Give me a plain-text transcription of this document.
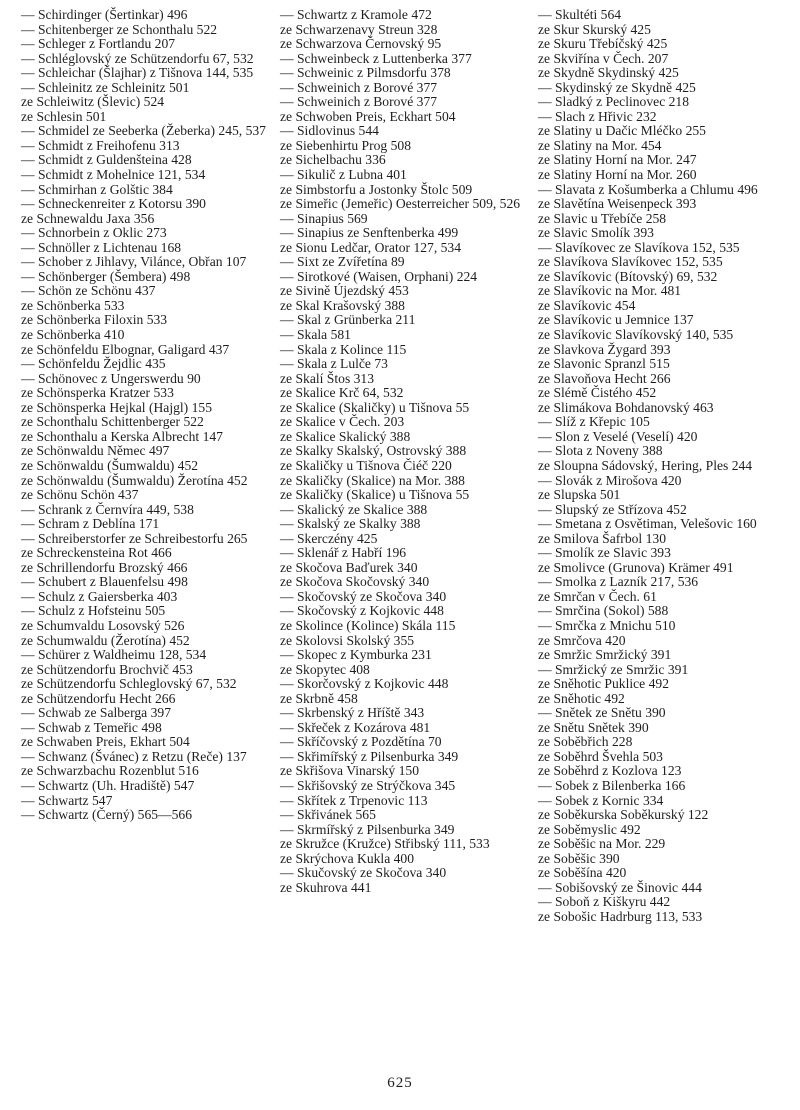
— Schirdinger (Šertinkar) 496
— Schitenberger ze Schonthalu 522
— Schleger z Fortlandu 207
— Schléglovský ze Schützendorfu 67, 532
— Schleichar (Šlajhar) z Tišnova 144, 535
— Schleinitz ze Schleinitz 501
ze Schleiwitz (Šlevic) 524
ze Schlesin 501
— Schmidel ze Seeberka (Žeberka) 245, 537
— Schmidt z Freihofenu 313
— Schmidt z Guldenšteina 428
— Schmidt z Mohelnice 121, 534
— Schmirhan z Golštic 384
— Schneckenreiter z Kotorsu 390
ze Schnewaldu Jaxa 356
— Schnorbein z Oklic 273
— Schnöller z Lichtenau 168
— Schober z Jihlavy, Vilánce, Obřan 107
— Schönberger (Šembera) 498
— Schön ze Schönu 437
ze Schönberka 533
ze Schönberka Filoxin 533
ze Schönberka 410
ze Schönfeldu Elbognar, Galigard 437
— Schönfeldu Žejdlic 435
— Schönovec z Ungerswerdu 90
ze Schönsperka Kratzer 533
ze Schönsperka Hejkal (Hajgl) 155
ze Schonthalu Schittenberger 522
ze Schonthalu a Kerska Albrecht 147
ze Schönwaldu Němec 497
ze Schönwaldu (Šumwaldu) 452
ze Schönwaldu (Šumwaldu) Žerotína 452
ze Schönu Schön 437
— Schrank z Černvíra 449, 538
— Schram z Deblína 171
— Schreiberstorfer ze Schreibestorfu 265
ze Schreckensteina Rot 466
ze Schrillendorfu Brozský 466
— Schubert z Blauenfelsu 498
— Schulz z Gaiersberka 403
— Schulz z Hofsteinu 505
ze Schumvaldu Losovský 526
ze Schumwaldu (Žerotína) 452
— Schürer z Waldheimu 128, 534
ze Schützendorfu Brochvič 453
ze Schützendorfu Schleglovský 67, 532
ze Schützendorfu Hecht 266
— Schwab ze Salberga 397
— Schwab z Temeřic 498
ze Schwaben Preis, Ekhart 504
— Schwanz (Švánec) z Retzu (Reče) 137
ze Schwarzbachu Rozenblut 516
— Schwartz (Uh. Hradiště) 547
— Schwartz 547
— Schwartz (Černý) 565—566
— Schwartz z Kramole 472
ze Schwarzenavy Streun 328
ze Schwarzova Černovský 95
— Schweinbeck z Luttenberka 377
— Schweinic z Pilmsdorfu 378
— Schweinich z Borové 377
— Schweinich z Borové 377
ze Schwoben Preis, Eckhart 504
— Sidlovinus 544
ze Siebenhirtu Prog 508
ze Sichelbachu 336
— Sikulič z Lubna 401
ze Simbstorfu a Jostonky Štolc 509
ze Simeřic (Jemeřic) Oesterreicher 509, 526
— Sinapius 569
— Sinapius ze Senftenberka 499
ze Sionu Ledčar, Orator 127, 534
— Sixt ze Zvířetína 89
— Sirotkové (Waisen, Orphani) 224
ze Sivině Újezdský 453
ze Skal Krašovský 388
— Skal z Grünberka 211
— Skala 581
— Skala z Kolince 115
— Skala z Lulče 73
ze Skalí Štos 313
ze Skalice Krč 64, 532
ze Skalice (Skaličky) u Tišnova 55
ze Skalice v Čech. 203
ze Skalice Skalický 388
ze Skalky Skalský, Ostrovský 388
ze Skaličky u Tišnova Čiéč 220
ze Skaličky (Skalice) na Mor. 388
ze Skaličky (Skalice) u Tišnova 55
— Skalický ze Skalice 388
— Skalský ze Skalky 388
— Skerczény 425
— Sklenář z Habří 196
ze Skočova Baďurek 340
ze Skočova Skočovský 340
— Skočovský ze Skočova 340
— Skočovský z Kojkovic 448
ze Skolince (Kolince) Skála 115
ze Skolovsi Skolský 355
— Skopec z Kymburka 231
ze Skopytec 408
— Skorčovský z Kojkovic 448
ze Skrbně 458
— Skrbenský z Hříště 343
— Skřeček z Kozárova 481
— Skříčovský z Pozdětína 70
— Skřimířský z Pilsenburka 349
ze Skřišova Vinarský 150
— Skřišovský ze Strýčkova 345
— Skřítek z Trpenovic 113
— Skřivánek 565
— Skrmířský z Pilsenburka 349
ze Skružce (Kružce) Střibský 111, 533
ze Skrýchova Kukla 400
— Skučovský ze Skočova 340
ze Skuhrova 441
— Skultéti 564
ze Skur Skurský 425
ze Skuru Třebíčský 425
ze Skviřína v Čech. 207
ze Skydně Skydinský 425
— Skydinský ze Skydně 425
— Sladký z Peclinovec 218
— Slach z Hřivic 232
ze Slatiny u Dačic Mléčko 255
ze Slatiny na Mor. 454
ze Slatiny Horní na Mor. 247
ze Slatiny Horní na Mor. 260
— Slavata z Košumberka a Chlumu 496
ze Slavětína Weisenpeck 393
ze Slavic u Třebíče 258
ze Slavic Smolík 393
— Slavíkovec ze Slavíkova 152, 535
ze Slavíkova Slavíkovec 152, 535
ze Slavíkovic (Bítovský) 69, 532
ze Slavíkovic na Mor. 481
ze Slavíkovic 454
ze Slavíkovic u Jemnice 137
ze Slavíkovic Slavíkovský 140, 535
ze Slavkova Žygard 393
ze Slavonic Spranzl 515
ze Slavoňova Hecht 266
ze Slémě Čistého 452
ze Slimákova Bohdanovský 463
— Slíž z Křepic 105
— Slon z Veselé (Veselí) 420
— Slota z Noveny 388
ze Sloupna Sádovský, Hering, Ples 244
— Slovák z Mirošova 420
ze Slupska 501
— Slupský ze Střízova 452
— Smetana z Osvětiman, Velešovic 160
ze Smilova Šafrbol 130
— Smolík ze Slavic 393
ze Smolivce (Grunova) Krämer 491
— Smolka z Lazník 217, 536
ze Smrčan v Čech. 61
— Smrčina (Sokol) 588
— Smrčka z Mnichu 510
ze Smrčova 420
ze Smržic Smržický 391
— Smržický ze Smržic 391
ze Sněhotic Puklice 492
ze Sněhotic 492
— Snětek ze Snětu 390
ze Snětu Snětek 390
ze Soběbřich 228
ze Soběhrd Švehla 503
ze Soběhrd z Kozlova 123
— Sobek z Bilenberka 166
— Sobek z Kornic 334
ze Soběkurska Soběkurský 122
ze Soběmyslic 492
ze Soběšic na Mor. 229
ze Soběšic 390
ze Soběšína 420
— Sobišovský ze Šinovic 444
— Soboň z Kiškyru 442
ze Sobošic Hadrburg 113, 533
625
